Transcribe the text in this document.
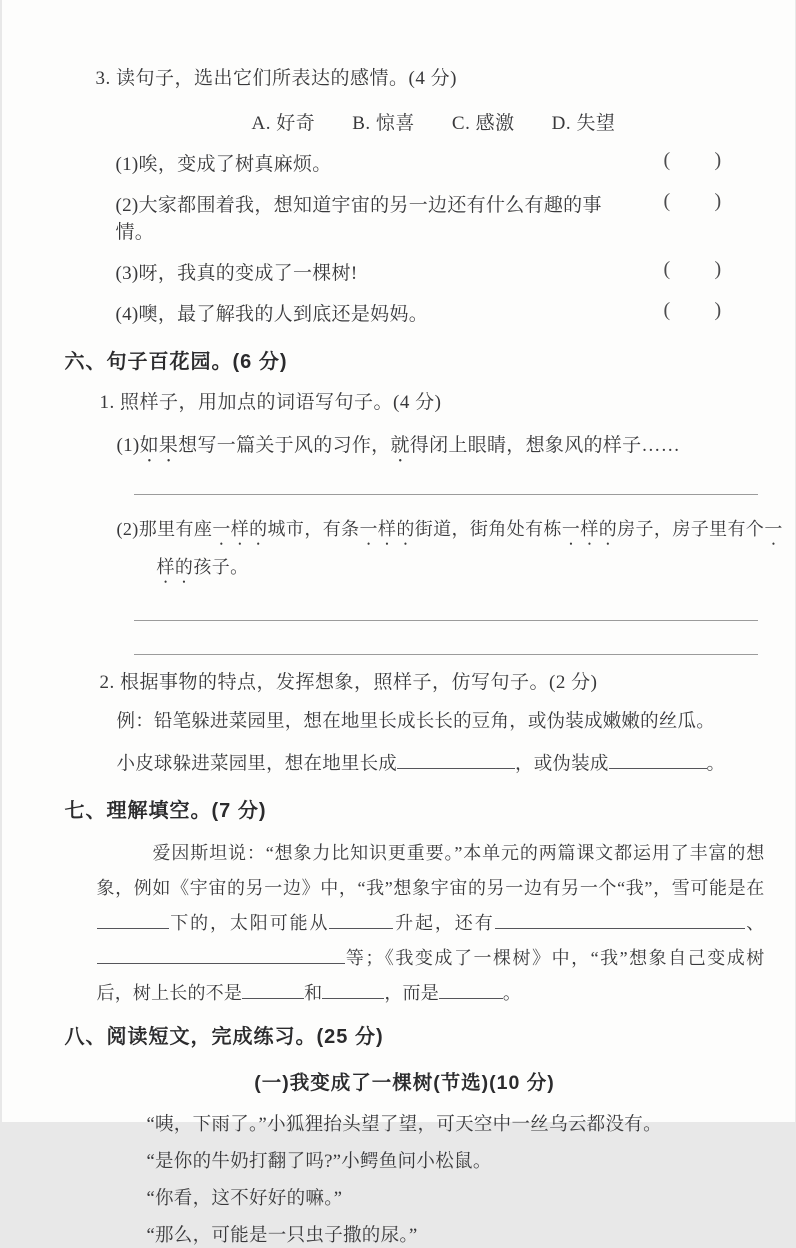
3. 读句子，选出它们所表达的感情。(4 分)
A. 好奇 B. 惊喜 C. 感激 D. 失望
(1)唉，变成了树真麻烦。	( )
(2)大家都围着我，想知道宇宙的另一边还有什么有趣的事情。
( )
(3)呀，我真的变成了一棵树!	( )
(4)噢，最了解我的人到底还是妈妈。	( )
六、句子百花园。(6 分)
1. 照样子，用加点的词语写句子。(4 分)
(1)如果想写一篇关于风的习作，就得闭上眼睛，想象风的样子……
(2)那里有座一样的城市，有条一样的街道，街角处有栋一样的房子，房子里有个一样的孩子。
2. 根据事物的特点，发挥想象，照样子，仿写句子。(2 分)
例：铅笔躲进菜园里，想在地里长成长长的豆角，或伪装成嫩嫩的丝瓜。
小皮球躲进菜园里，想在地里长成	，或伪装成	。
七、理解填空。(7 分)
爱因斯坦说：“想象力比知识更重要。”本单元的两篇课文都运用了丰富的想象，例如《宇宙的另一边》中，“我”想象宇宙的另一边有另一个“我”，雪可能是在下的，太阳可能从	升起，还有	、等；《我变成了一棵树》中，“我”想象自己变成树后，树上长的不是	和	，而是	。
八、阅读短文，完成练习。(25 分)
(一)我变成了一棵树(节选)(10 分)
“咦，下雨了。”小狐狸抬头望了望，可天空中一丝乌云都没有。
“是你的牛奶打翻了吗?”小鳄鱼问小松鼠。
“你看，这不好好的嘛。”
“那么，可能是一只虫子撒的尿。”
